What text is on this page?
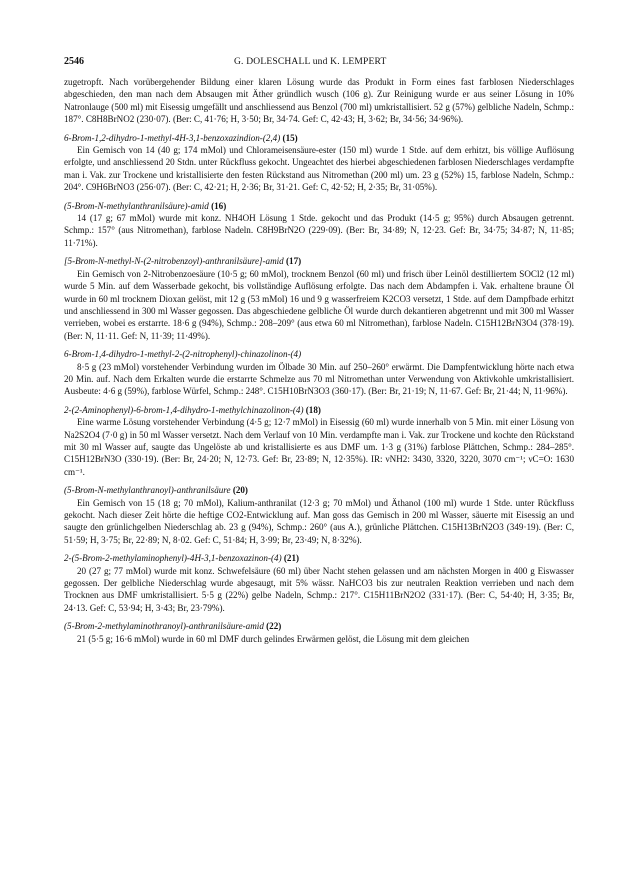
2546	G. DOLESCHALL und K. LEMPERT

zugetropft. Nach vorübergehender Bildung einer klaren Lösung wurde das Produkt in Form eines fast farblosen Niederschlages abgeschieden, den man nach dem Absaugen mit Äther gründlich wusch (106 g). Zur Reinigung wurde er aus seiner Lösung in 10% Natronlauge (500 ml) mit Eisessig umgefällt und anschliessend aus Benzol (700 ml) umkristallisiert. 52 g (57%) gelbliche Nadeln, Schmp.: 187°. C8H8BrNO2 (230·07). (Ber: C, 41·76; H, 3·50; Br, 34·74. Gef: C, 42·43; H, 3·62; Br, 34·56; 34·96%).

6-Brom-1,2-dihydro-1-methyl-4H-3,1-benzoxazindion-(2,4) (15)

Ein Gemisch von 14 (40 g; 174 mMol) und Chlorameisensäure-ester (150 ml) wurde 1 Stde. auf dem erhitzt, bis völlige Auflösung erfolgte, und anschliessend 20 Stdn. unter Rückfluss gekocht. Ungeachtet des hierbei abgeschiedenen farblosen Niederschlages verdampfte man i. Vak. zur Trockene und kristallisierte den festen Rückstand aus Nitromethan (200 ml) um. 23 g (52%) 15, farblose Nadeln, Schmp.: 204°. C9H6BrNO3 (256·07). (Ber: C, 42·21; H, 2·36; Br, 31·21. Gef: C, 42·52; H, 2·35; Br, 31·05%).

(5-Brom-N-methylanthranilsäure)-amid (16)

14 (17 g; 67 mMol) wurde mit konz. NH4OH Lösung 1 Stde. gekocht und das Produkt (14·5 g; 95%) durch Absaugen getrennt. Schmp.: 157° (aus Nitromethan), farblose Nadeln. C8H9BrN2O (229·09). (Ber: Br, 34·89; N, 12·23. Gef: Br, 34·75; 34·87; N, 11·85; 11·71%).

[5-Brom-N-methyl-N-(2-nitrobenzoyl)-anthranilsäure]-amid (17)

Ein Gemisch von 2-Nitrobenzoesäure (10·5 g; 60 mMol), trocknem Benzol (60 ml) und frisch über Leinöl destilliertem SOCl2 (12 ml) wurde 5 Min. auf dem Wasserbade gekocht, bis vollständige Auflösung erfolgte. Das nach dem Abdampfen i. Vak. erhaltene braune Öl wurde in 60 ml trocknem Dioxan gelöst, mit 12 g (53 mMol) 16 und 9 g wasserfreiem K2CO3 versetzt, 1 Stde. auf dem Dampfbade erhitzt und anschliessend in 300 ml Wasser gegossen. Das abgeschiedene gelbliche Öl wurde durch dekantieren abgetrennt und mit 300 ml Wasser verrieben, wobei es erstarrte. 18·6 g (94%), Schmp.: 208–209° (aus etwa 60 ml Nitromethan), farblose Nadeln. C15H12BrN3O4 (378·19). (Ber: N, 11·11. Gef: N, 11·39; 11·49%).

6-Brom-1,4-dihydro-1-methyl-2-(2-nitrophenyl)-chinazolinon-(4)

8·5 g (23 mMol) vorstehender Verbindung wurden im Ölbade 30 Min. auf 250–260° erwärmt. Die Dampfentwicklung hörte nach etwa 20 Min. auf. Nach dem Erkalten wurde die erstarrte Schmelze aus 70 ml Nitromethan unter Verwendung von Aktivkohle umkristallisiert. Ausbeute: 4·6 g (59%), farblose Würfel, Schmp.: 248°. C15H10BrN3O3 (360·17). (Ber: Br, 21·19; N, 11·67. Gef: Br, 21·44; N, 11·96%).

2-(2-Aminophenyl)-6-brom-1,4-dihydro-1-methylchinazolinon-(4) (18)

Eine warme Lösung vorstehender Verbindung (4·5 g; 12·7 mMol) in Eisessig (60 ml) wurde innerhalb von 5 Min. mit einer Lösung von Na2S2O4 (7·0 g) in 50 ml Wasser versetzt. Nach dem Verlauf von 10 Min. verdampfte man i. Vak. zur Trockene und kochte den Rückstand mit 30 ml Wasser auf, saugte das Ungelöste ab und kristallisierte es aus DMF um. 1·3 g (31%) farblose Plättchen, Schmp.: 284–285°. C15H12BrN3O (330·19). (Ber: Br, 24·20; N, 12·73. Gef: Br, 23·89; N, 12·35%). IR: νNH2: 3430, 3320, 3220, 3070 cm⁻¹; νC=O: 1630 cm⁻¹.

(5-Brom-N-methylanthranoyl)-anthranilsäure (20)

Ein Gemisch von 15 (18 g; 70 mMol), Kalium-anthranilat (12·3 g; 70 mMol) und Äthanol (100 ml) wurde 1 Stde. unter Rückfluss gekocht. Nach dieser Zeit hörte die heftige CO2-Entwicklung auf. Man goss das Gemisch in 200 ml Wasser, säuerte mit Eisessig an und saugte den grünlichgelben Niederschlag ab. 23 g (94%), Schmp.: 260° (aus A.), grünliche Plättchen. C15H13BrN2O3 (349·19). (Ber: C, 51·59; H, 3·75; Br, 22·89; N, 8·02. Gef: C, 51·84; H, 3·99; Br, 23·49; N, 8·32%).

2-(5-Brom-2-methylaminophenyl)-4H-3,1-benzoxazinon-(4) (21)

20 (27 g; 77 mMol) wurde mit konz. Schwefelsäure (60 ml) über Nacht stehen gelassen und am nächsten Morgen in 400 g Eiswasser gegossen. Der gelbliche Niederschlag wurde abgesaugt, mit 5% wässr. NaHCO3 bis zur neutralen Reaktion verrieben und nach dem Trocknen aus DMF umkristallisiert. 5·5 g (22%) gelbe Nadeln, Schmp.: 217°. C15H11BrN2O2 (331·17). (Ber: C, 54·40; H, 3·35; Br, 24·13. Gef: C, 53·94; H, 3·43; Br, 23·79%).

(5-Brom-2-methylaminothranoyl)-anthranilsäure-amid (22)

21 (5·5 g; 16·6 mMol) wurde in 60 ml DMF durch gelindes Erwärmen gelöst, die Lösung mit dem gleichen
